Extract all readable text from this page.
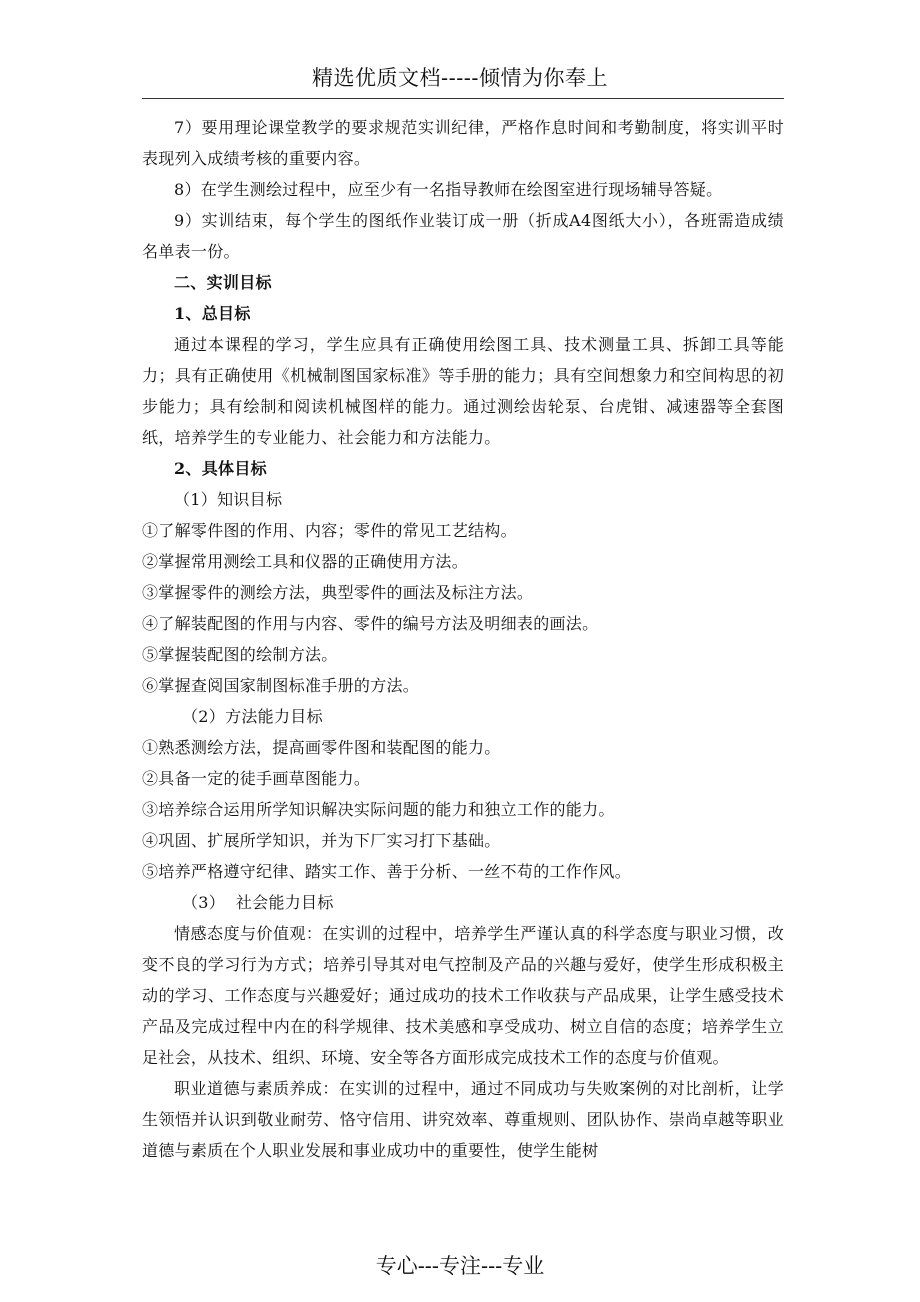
精选优质文档-----倾情为你奉上

7）要用理论课堂教学的要求规范实训纪律，严格作息时间和考勤制度，将实训平时表现列入成绩考核的重要内容。

8）在学生测绘过程中，应至少有一名指导教师在绘图室进行现场辅导答疑。

9）实训结束，每个学生的图纸作业装订成一册（折成A4图纸大小），各班需造成绩名单表一份。

二、实训目标

1、总目标

通过本课程的学习，学生应具有正确使用绘图工具、技术测量工具、拆卸工具等能力；具有正确使用《机械制图国家标准》等手册的能力；具有空间想象力和空间构思的初步能力；具有绘制和阅读机械图样的能力。通过测绘齿轮泵、台虎钳、减速器等全套图纸，培养学生的专业能力、社会能力和方法能力。

2、具体目标

（1）知识目标

①了解零件图的作用、内容；零件的常见工艺结构。

②掌握常用测绘工具和仪器的正确使用方法。

③掌握零件的测绘方法，典型零件的画法及标注方法。

④了解装配图的作用与内容、零件的编号方法及明细表的画法。

⑤掌握装配图的绘制方法。

⑥掌握查阅国家制图标准手册的方法。

（2）方法能力目标

①熟悉测绘方法，提高画零件图和装配图的能力。

②具备一定的徒手画草图能力。

③培养综合运用所学知识解决实际问题的能力和独立工作的能力。

④巩固、扩展所学知识，并为下厂实习打下基础。

⑤培养严格遵守纪律、踏实工作、善于分析、一丝不苟的工作作风。

（3）  社会能力目标

情感态度与价值观：在实训的过程中，培养学生严谨认真的科学态度与职业习惯，改变不良的学习行为方式；培养引导其对电气控制及产品的兴趣与爱好，使学生形成积极主动的学习、工作态度与兴趣爱好；通过成功的技术工作收获与产品成果，让学生感受技术产品及完成过程中内在的科学规律、技术美感和享受成功、树立自信的态度；培养学生立足社会，从技术、组织、环境、安全等各方面形成完成技术工作的态度与价值观。

职业道德与素质养成：在实训的过程中，通过不同成功与失败案例的对比剖析，让学生领悟并认识到敬业耐劳、恪守信用、讲究效率、尊重规则、团队协作、崇尚卓越等职业道德与素质在个人职业发展和事业成功中的重要性，使学生能树

专心---专注---专业
